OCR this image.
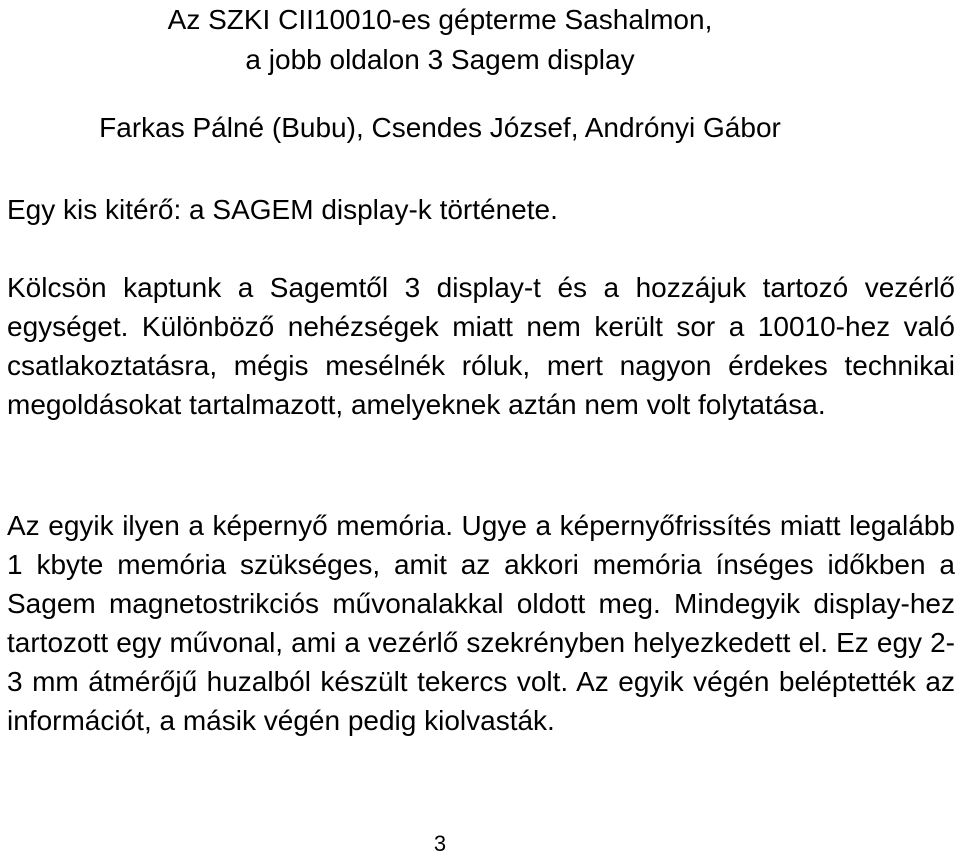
Az SZKI CII10010-es gépterme Sashalmon,
a jobb oldalon 3 Sagem display
Farkas Pálné (Bubu), Csendes József, Andrónyi Gábor
Egy kis kitérő: a SAGEM display-k története.

Kölcsön kaptunk a Sagemtől 3 display-t és a hozzájuk tartozó vezérlő egységet. Különböző nehézségek miatt nem került sor a 10010-hez való csatlakoztatásra, mégis mesélnék róluk, mert nagyon érdekes technikai megoldásokat tartalmazott, amelyeknek aztán nem volt folytatása.

Az egyik ilyen a képernyő memória. Ugye a képernyőfrissítés miatt legalább 1 kbyte memória szükséges, amit az akkori memória ínséges időkben a Sagem magnetostrikciós művonalakkal oldott meg. Mindegyik display-hez tartozott egy művonal, ami a vezérlő szekrényben helyezkedett el. Ez egy 2-3 mm átmérőjű huzalból készült tekercs volt. Az egyik végén beléptették az információt, a másik végén pedig kiolvasták.

3
